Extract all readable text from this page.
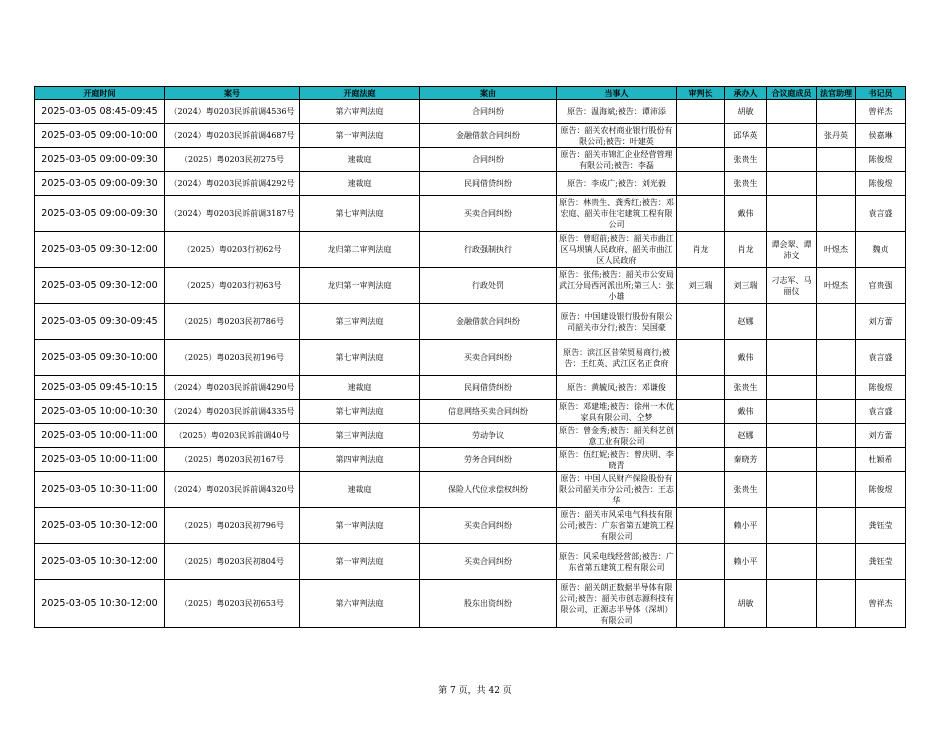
开庭时间	案号	开庭法庭	案由	当事人	审判长	承办人	合议庭成员	法官助理	书记员
2025-03-05 08:45-09:45	（2024）粤0203民诉前调4536号	第六审判法庭	合同纠纷	原告：温海斌;被告：谭沛添		胡敏			曾祥杰
2025-03-05 09:00-10:00	（2024）粤0203民诉前调4687号	第一审判法庭	金融借款合同纠纷	原告：韶关农村商业银行股份有限公司;被告：叶建英		邱华英		张丹英	侯嘉琳
2025-03-05 09:00-09:30	（2025）粤0203民初275号	速裁庭	合同纠纷	原告：韶关市锦汇企业经营管理有限公司;被告：李磊		张贵生			陈俊煜
2025-03-05 09:00-09:30	（2024）粤0203民诉前调4292号	速裁庭	民间借贷纠纷	原告：李成广;被告：刘光毅		张贵生			陈俊煜
2025-03-05 09:00-09:30	（2024）粤0203民诉前调3187号	第七审判法庭	买卖合同纠纷	原告：林贵生、龚秀红;被告：邓宏庭、韶关市住宅建筑工程有限公司		戴伟			袁言盛
2025-03-05 09:30-12:00	（2025）粤0203行初62号	龙归第二审判法庭	行政强制执行	原告：曾昭前;被告：韶关市曲江区马坝镇人民政府、韶关市曲江区人民政府	肖龙	肖龙	谭会翠、谭沛文	叶煜杰	魏贞
2025-03-05 09:30-12:00	（2025）粤0203行初63号	龙归第一审判法庭	行政处罚	原告：张伟;被告：韶关市公安局武江分局西河派出所;第三人：张小雄	刘三瑞	刘三瑞	刁志军、马丽仪	叶煜杰	官贵强
2025-03-05 09:30-09:45	（2025）粤0203民初786号	第三审判法庭	金融借款合同纠纷	原告：中国建设银行股份有限公司韶关市分行;被告：吴国豪		赵娜			刘方蕾
2025-03-05 09:30-10:00	（2025）粤0203民初196号	第七审判法庭	买卖合同纠纷	原告：滨江区昔荣贸易商行;被告：王红英、武江区名正食府		戴伟			袁言盛
2025-03-05 09:45-10:15	（2024）粤0203民诉前调4290号	速裁庭	民间借贷纠纷	原告：黄毓凤;被告：邓谦俊		张贵生			陈俊煜
2025-03-05 10:00-10:30	（2024）粤0203民诉前调4335号	第七审判法庭	信息网络买卖合同纠纷	原告：邓建堆;被告：徐州一木优家具有限公司、仝梦		戴伟			袁言盛
2025-03-05 10:00-11:00	（2025）粤0203民诉前调40号	第三审判法庭	劳动争议	原告：曾金秀;被告：韶关科艺创意工业有限公司		赵娜			刘方蕾
2025-03-05 10:00-11:00	（2025）粤0203民初167号	第四审判法庭	劳务合同纠纷	原告：伍红妮;被告：曾庆明、李晓青		秦晓芳			杜颖希
2025-03-05 10:30-11:00	（2024）粤0203民诉前调4320号	速裁庭	保险人代位求偿权纠纷	原告：中国人民财产保险股份有限公司韶关市分公司;被告：王志华		张贵生			陈俊煜
2025-03-05 10:30-12:00	（2025）粤0203民初796号	第一审判法庭	买卖合同纠纷	原告：韶关市风采电气科技有限公司;被告：广东省第五建筑工程有限公司		赖小平			龚钰莹
2025-03-05 10:30-12:00	（2025）粤0203民初804号	第一审判法庭	买卖合同纠纷	原告：风采电线经营部;被告：广东省第五建筑工程有限公司		赖小平			龚钰莹
2025-03-05 10:30-12:00	（2025）粤0203民初653号	第六审判法庭	股东出资纠纷	原告：韶关朗正数据半导体有限公司;被告：韶关市创志源科技有限公司、正源志半导体（深圳）有限公司		胡敏			曾祥杰
第 7 页，共 42 页
